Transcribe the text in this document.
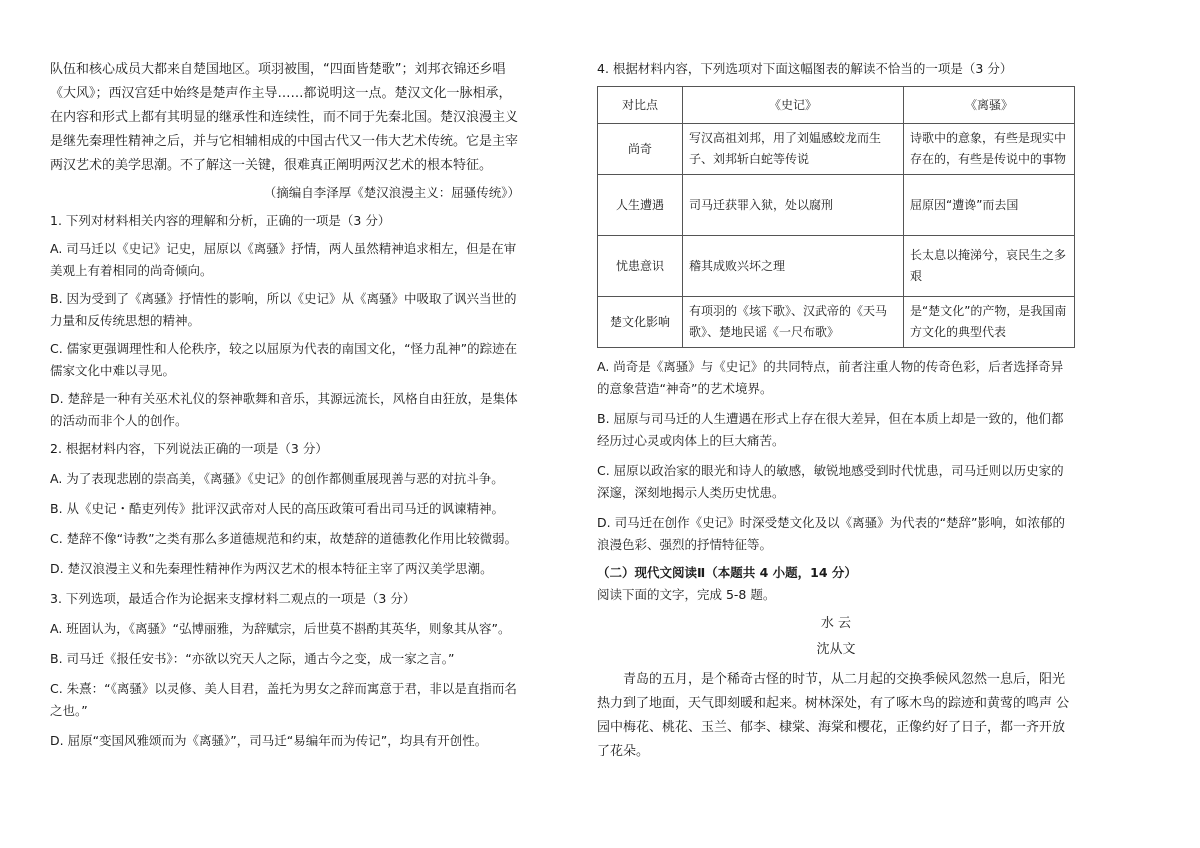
队伍和核心成员大都来自楚国地区。项羽被围，“四面皆楚歌”；刘邦衣锦还乡唱《大风》；西汉宫廷中始终是楚声作主导……都说明这一点。楚汉文化一脉相承，在内容和形式上都有其明显的继承性和连续性，而不同于先秦北国。楚汉浪漫主义是继先秦理性精神之后，并与它相辅相成的中国古代又一伟大艺术传统。它是主宰两汉艺术的美学思潮。不了解这一关键，很难真正阐明两汉艺术的根本特征。

（摘编自李泽厚《楚汉浪漫主义：屈骚传统》）

1. 下列对材料相关内容的理解和分析，正确的一项是（3 分）

A. 司马迁以《史记》记史，屈原以《离骚》抒情，两人虽然精神追求相左，但是在审美观上有着相同的尚奇倾向。

B. 因为受到了《离骚》抒情性的影响，所以《史记》从《离骚》中吸取了讽兴当世的力量和反传统思想的精神。

C. 儒家更强调理性和人伦秩序，较之以屈原为代表的南国文化，“怪力乱神”的踪迹在儒家文化中难以寻见。

D. 楚辞是一种有关巫术礼仪的祭神歌舞和音乐，其源远流长，风格自由狂放，是集体的活动而非个人的创作。

2. 根据材料内容，下列说法正确的一项是（3 分）

A. 为了表现悲剧的崇高美，《离骚》《史记》的创作都侧重展现善与恶的对抗斗争。

B. 从《史记・酷吏列传》批评汉武帝对人民的高压政策可看出司马迁的讽谏精神。

C. 楚辞不像“诗教”之类有那么多道德规范和约束，故楚辞的道德教化作用比较微弱。

D. 楚汉浪漫主义和先秦理性精神作为两汉艺术的根本特征主宰了两汉美学思潮。

3. 下列选项，最适合作为论据来支撑材料二观点的一项是（3 分）

A. 班固认为，《离骚》“弘博丽雅，为辞赋宗，后世莫不斟酌其英华，则象其从容”。

B. 司马迁《报任安书》：“亦欲以究天人之际，通古今之变，成一家之言。”

C. 朱熹：“《离骚》以灵修、美人目君，盖托为男女之辞而寓意于君，非以是直指而名之也。”

D. 屈原“变国风雅颂而为《离骚》”，司马迁“易编年而为传记”，均具有开创性。

4. 根据材料内容，下列选项对下面这幅图表的解读不恰当的一项是（3 分）

对比点	《史记》	《离骚》
尚奇	写汉高祖刘邦，用了刘媪感蛟龙而生子、刘邦斩白蛇等传说	诗歌中的意象，有些是现实中存在的，有些是传说中的事物
人生遭遇	司马迁获罪入狱，处以腐刑	屈原因“遭谗”而去国
忧患意识	稽其成败兴坏之理	长太息以掩涕兮，哀民生之多艰
楚文化影响	有项羽的《垓下歌》、汉武帝的《天马歌》、楚地民谣《一尺布歌》	是“楚文化”的产物，是我国南方文化的典型代表

A. 尚奇是《离骚》与《史记》的共同特点，前者注重人物的传奇色彩，后者选择奇异的意象营造“神奇”的艺术境界。

B. 屈原与司马迁的人生遭遇在形式上存在很大差异，但在本质上却是一致的，他们都经历过心灵或肉体上的巨大痛苦。

C. 屈原以政治家的眼光和诗人的敏感，敏锐地感受到时代忧患，司马迁则以历史家的深邃，深刻地揭示人类历史忧患。

D. 司马迁在创作《史记》时深受楚文化及以《离骚》为代表的“楚辞”影响，如浓郁的浪漫色彩、强烈的抒情特征等。

（二）现代文阅读Ⅱ（本题共 4 小题，14 分）

阅读下面的文字，完成 5-8 题。

水 云

沈从文

青岛的五月，是个稀奇古怪的时节，从二月起的交换季候风忽然一息后，阳光热力到了地面，天气即刻暖和起来。树林深处，有了啄木鸟的踪迹和黄莺的鸣声 公园中梅花、桃花、玉兰、郁李、棣棠、海棠和樱花，正像约好了日子，都一齐开放了花朵。
